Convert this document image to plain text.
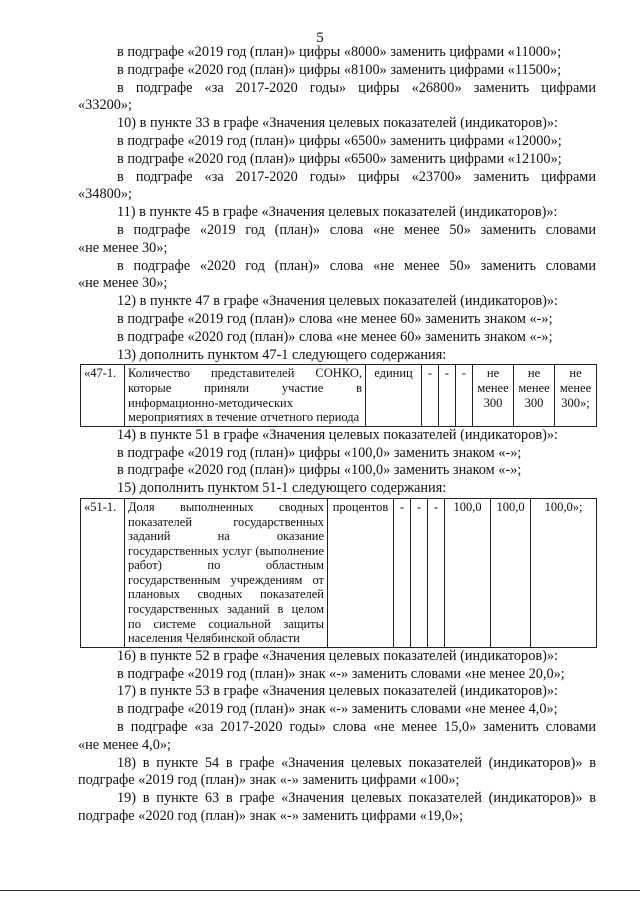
5
в подграфе «2019 год (план)» цифры «8000» заменить цифрами «11000»;
в подграфе «2020 год (план)» цифры «8100» заменить цифрами «11500»;
в подграфе «за 2017-2020 годы» цифры «26800» заменить цифрами
«33200»;
10) в пункте 33 в графе «Значения целевых показателей (индикаторов)»:
в подграфе «2019 год (план)» цифры «6500» заменить цифрами «12000»;
в подграфе «2020 год (план)» цифры «6500» заменить цифрами «12100»;
в подграфе «за 2017-2020 годы» цифры «23700» заменить цифрами
«34800»;
11) в пункте 45 в графе «Значения целевых показателей (индикаторов)»:
в подграфе «2019 год (план)» слова «не менее 50» заменить словами
«не менее 30»;
в подграфе «2020 год (план)» слова «не менее 50» заменить словами
«не менее 30»;
12) в пункте 47 в графе «Значения целевых показателей (индикаторов)»:
в подграфе «2019 год (план)» слова «не менее 60» заменить знаком «-»;
в подграфе «2020 год (план)» слова «не менее 60» заменить знаком «-»;
13) дополнить пунктом 47-1 следующего содержания:
«47-1.	Количество представителей СОНКО, которые приняли участие в информационно-методических мероприятиях в течение отчетного периода	единиц	-	-	-	не менее 300	не менее 300	не менее 300»;
14) в пункте 51 в графе «Значения целевых показателей (индикаторов)»:
в подграфе «2019 год (план)» цифры «100,0» заменить знаком «-»;
в подграфе «2020 год (план)» цифры «100,0» заменить знаком «-»;
15) дополнить пунктом 51-1 следующего содержания:
«51-1.	Доля выполненных сводных показателей государственных заданий на оказание государственных услуг (выполнение работ) по областным государственным учреждениям от плановых сводных показателей государственных заданий в целом по системе социальной защиты населения Челябинской области	процентов	-	-	-	100,0	100,0	100,0»;
16) в пункте 52 в графе «Значения целевых показателей (индикаторов)»:
в подграфе «2019 год (план)» знак «-» заменить словами «не менее 20,0»;
17) в пункте 53 в графе «Значения целевых показателей (индикаторов)»:
в подграфе «2019 год (план)» знак «-» заменить словами «не менее 4,0»;
в подграфе «за 2017-2020 годы» слова «не менее 15,0» заменить словами
«не менее 4,0»;
18) в пункте 54 в графе «Значения целевых показателей (индикаторов)» в
подграфе «2019 год (план)» знак «-» заменить цифрами «100»;
19) в пункте 63 в графе «Значения целевых показателей (индикаторов)» в
подграфе «2020 год (план)» знак «-» заменить цифрами «19,0»;
